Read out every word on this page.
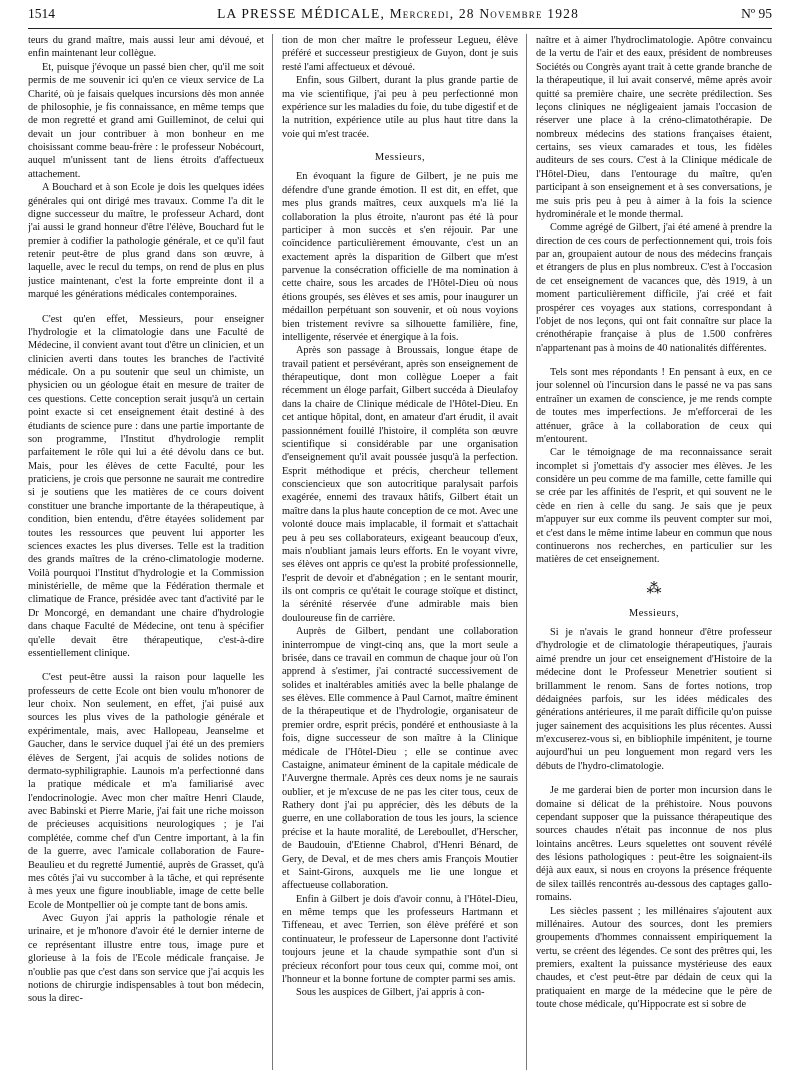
1514	LA PRESSE MÉDICALE, Mercredi, 28 Novembre 1928	Nº 95

teurs du grand maître, mais aussi leur ami dévoué, et enfin maintenant leur collègue.

Et, puisque j'évoque un passé bien cher, qu'il me soit permis de me souvenir ici qu'en ce vieux service de La Charité, où je faisais quelques incursions dès mon année de philosophie, je fis connaissance, en même temps que de mon regretté et grand ami Guilleminot, de celui qui devait un jour contribuer à mon bonheur en me choisissant comme beau-frère : le professeur Nobécourt, auquel m'unissent tant de liens étroits d'affectueux attachement.

A Bouchard et à son Ecole je dois les quelques idées générales qui ont dirigé mes travaux. Comme l'a dit le digne successeur du maître, le professeur Achard, dont j'ai aussi le grand honneur d'être l'élève, Bouchard fut le premier à codifier la pathologie générale, et ce qu'il faut retenir peut-être de plus grand dans son œuvre, à laquelle, avec le recul du temps, on rend de plus en plus justice maintenant, c'est la forte empreinte dont il a marqué les générations médicales contemporaines.

C'est qu'en effet, Messieurs, pour enseigner l'hydrologie et la climatologie dans une Faculté de Médecine, il convient avant tout d'être un clinicien, et un clinicien averti dans toutes les branches de l'activité médicale. On a pu soutenir que seul un chimiste, un physicien ou un géologue était en mesure de traiter de ces questions. Cette conception serait jusqu'à un certain point exacte si cet enseignement était destiné à des étudiants de science pure : dans une partie importante de son programme, l'Institut d'hydrologie remplit parfaitement le rôle qui lui a été dévolu dans ce but. Mais, pour les élèves de cette Faculté, pour les praticiens, je crois que personne ne saurait me contredire si je soutiens que les matières de ce cours doivent constituer une branche importante de la thérapeutique, à condition, bien entendu, d'être étayées solidement par toutes les ressources que peuvent lui apporter les sciences exactes les plus diverses. Telle est la tradition des grands maîtres de la créno-climatologie moderne. Voilà pourquoi l'Institut d'hydrologie et la Commission ministérielle, de même que la Fédération thermale et climatique de France, présidée avec tant d'activité par le Dr Moncorgé, en demandant une chaire d'hydrologie dans chaque Faculté de Médecine, ont tenu à spécifier qu'elle devait être thérapeutique, c'est-à-dire essentiellement clinique.

C'est peut-être aussi la raison pour laquelle les professeurs de cette Ecole ont bien voulu m'honorer de leur choix. Non seulement, en effet, j'ai puisé aux sources les plus vives de la pathologie générale et expérimentale, mais, avec Hallopeau, Jeanselme et Gaucher, dans le service duquel j'ai été un des premiers élèves de Sergent, j'ai acquis de solides notions de dermato-syphiligraphie. Launois m'a perfectionné dans la pratique médicale et m'a familiarisé avec l'endocrinologie. Avec mon cher maître Henri Claude, avec Babinski et Pierre Marie, j'ai fait une riche moisson de précieuses acquisitions neurologiques ; je l'ai complétée, comme chef d'un Centre important, à la fin de la guerre, avec l'amicale collaboration de Faure-Beaulieu et du regretté Jumentié, auprès de Grasset, qu'à mes côtés j'ai vu succomber à la tâche, et qui représente à mes yeux une figure inoubliable, image de cette belle Ecole de Montpellier où je compte tant de bons amis.

Avec Guyon j'ai appris la pathologie rénale et urinaire, et je m'honore d'avoir été le dernier interne de ce représentant illustre entre tous, image pure et glorieuse à la fois de l'Ecole médicale française. Je n'oublie pas que c'est dans son service que j'ai acquis les notions de chirurgie indispensables à tout bon médecin, sous la direc-

tion de mon cher maître le professeur Legueu, élève préféré et successeur prestigieux de Guyon, dont je suis resté l'ami affectueux et dévoué.

Enfin, sous Gilbert, durant la plus grande partie de ma vie scientifique, j'ai peu à peu perfectionné mon expérience sur les maladies du foie, du tube digestif et de la nutrition, expérience utile au plus haut titre dans la voie qui m'est tracée.

Messieurs,

En évoquant la figure de Gilbert, je ne puis me défendre d'une grande émotion. Il est dit, en effet, que mes plus grands maîtres, ceux auxquels m'a lié la collaboration la plus étroite, n'auront pas été là pour participer à mon succès et s'en réjouir. Par une coïncidence particulièrement émouvante, c'est un an exactement après la disparition de Gilbert que m'est parvenue la consécration officielle de ma nomination à cette chaire, sous les arcades de l'Hôtel-Dieu où nous étions groupés, ses élèves et ses amis, pour inaugurer un médaillon perpétuant son souvenir, et où nous voyions bien tristement revivre sa silhouette familière, fine, intelligente, réservée et énergique à la fois.

Après son passage à Broussais, longue étape de travail patient et persévérant, après son enseignement de thérapeutique, dont mon collègue Loeper a fait récemment un éloge parfait, Gilbert succéda à Dieulafoy dans la chaire de Clinique médicale de l'Hôtel-Dieu. En cet antique hôpital, dont, en amateur d'art érudit, il avait passionnément fouillé l'histoire, il compléta son œuvre scientifique si considérable par une organisation d'enseignement qu'il avait poussée jusqu'à la perfection. Esprit méthodique et précis, chercheur tellement consciencieux que son autocritique paralysait parfois exagérée, ennemi des travaux hâtifs, Gilbert était un maître dans la plus haute conception de ce mot. Avec une volonté douce mais implacable, il formait et s'attachait peu à peu ses collaborateurs, exigeant beaucoup d'eux, mais n'oubliant jamais leurs efforts. En le voyant vivre, ses élèves ont appris ce qu'est la probité professionnelle, l'esprit de devoir et d'abnégation ; en le sentant mourir, ils ont compris ce qu'était le courage stoïque et distinct, la sérénité réservée d'une admirable mais bien douloureuse fin de carrière.

Auprès de Gilbert, pendant une collaboration ininterrompue de vingt-cinq ans, que la mort seule a brisée, dans ce travail en commun de chaque jour où l'on apprend à s'estimer, j'ai contracté successivement de solides et inaltérables amitiés avec la belle phalange de ses élèves. Elle commence à Paul Carnot, maître éminent de la thérapeutique et de l'hydrologie, organisateur de premier ordre, esprit précis, pondéré et enthousiaste à la fois, digne successeur de son maître à la Clinique médicale de l'Hôtel-Dieu ; elle se continue avec Castaigne, animateur éminent de la capitale médicale de l'Auvergne thermale. Après ces deux noms je ne saurais oublier, et je m'excuse de ne pas les citer tous, ceux de Rathery dont j'ai pu apprécier, dès les débuts de la guerre, en une collaboration de tous les jours, la science précise et la haute moralité, de Lereboullet, d'Herscher, de Baudouin, d'Etienne Chabrol, d'Henri Bénard, de Gery, de Deval, et de mes chers amis François Moutier et Saint-Girons, auxquels me lie une longue et affectueuse collaboration.

Enfin à Gilbert je dois d'avoir connu, à l'Hôtel-Dieu, en même temps que les professeurs Hartmann et Tiffeneau, et avec Terrien, son élève préféré et son continuateur, le professeur de Lapersonne dont l'activité toujours jeune et la chaude sympathie sont d'un si précieux réconfort pour tous ceux qui, comme moi, ont l'honneur et la bonne fortune de compter parmi ses amis.

Sous les auspices de Gilbert, j'ai appris à con-

naître et à aimer l'hydroclimatologie. Apôtre convaincu de la vertu de l'air et des eaux, président de nombreuses Sociétés ou Congrès ayant trait à cette grande branche de la thérapeutique, il lui avait conservé, même après avoir quitté sa première chaire, une secrète prédilection. Ses leçons cliniques ne négligeaient jamais l'occasion de réserver une place à la créno-climatothérapie. De nombreux médecins des stations françaises étaient, certains, ses vieux camarades et tous, les fidèles auditeurs de ses cours. C'est à la Clinique médicale de l'Hôtel-Dieu, dans l'entourage du maître, qu'en participant à son enseignement et à ses conversations, je me suis pris peu à peu à aimer à la fois la science hydrominérale et le monde thermal.

Comme agrégé de Gilbert, j'ai été amené à prendre la direction de ces cours de perfectionnement qui, trois fois par an, groupaient autour de nous des médecins français et étrangers de plus en plus nombreux. C'est à l'occasion de cet enseignement de vacances que, dès 1919, à un moment particulièrement difficile, j'ai créé et fait prospérer ces voyages aux stations, correspondant à l'objet de nos leçons, qui ont fait connaître sur place la crénothérapie française à plus de 1.500 confrères n'appartenant pas à moins de 40 nationalités différentes.

Tels sont mes répondants ! En pensant à eux, en ce jour solennel où l'incursion dans le passé ne va pas sans entraîner un examen de conscience, je me rends compte de toutes mes imperfections. Je m'efforcerai de les atténuer, grâce à la collaboration de ceux qui m'entourent.

Car le témoignage de ma reconnaissance serait incomplet si j'omettais d'y associer mes élèves. Je les considère un peu comme de ma famille, cette famille qui se crée par les affinités de l'esprit, et qui souvent ne le cède en rien à celle du sang. Je sais que je peux m'appuyer sur eux comme ils peuvent compter sur moi, et c'est dans le même intime labeur en commun que nous continuerons nos recherches, en particulier sur les matières de cet enseignement.

⁂
Messieurs,

Si je n'avais le grand honneur d'être professeur d'hydrologie et de climatologie thérapeutiques, j'aurais aimé prendre un jour cet enseignement d'Histoire de la médecine dont le Professeur Menetrier soutient si brillamment le renom. Sans de fortes notions, trop dédaignées parfois, sur les idées médicales des générations antérieures, il me paraît difficile qu'on puisse juger sainement des acquisitions les plus récentes. Aussi m'excuserez-vous si, en bibliophile impénitent, je tourne aujourd'hui un peu longuement mon regard vers les débuts de l'hydro-climatologie.

Je me garderai bien de porter mon incursion dans le domaine si délicat de la préhistoire. Nous pouvons cependant supposer que la puissance thérapeutique des sources chaudes n'était pas inconnue de nos plus lointains ancêtres. Leurs squelettes ont souvent révélé des lésions pathologiques : peut-être les soignaient-ils déjà aux eaux, si nous en croyons la présence fréquente de silex taillés rencontrés au-dessous des captages gallo-romains.

Les siècles passent ; les millénaires s'ajoutent aux millénaires. Autour des sources, dont les premiers groupements d'hommes connaissent empiriquement la vertu, se créent des légendes. Ce sont des prêtres qui, les premiers, exaltent la puissance mystérieuse des eaux chaudes, et c'est peut-être par dédain de ceux qui la pratiquaient en marge de la médecine que le père de toute chose médicale, qu'Hippocrate est si sobre de
